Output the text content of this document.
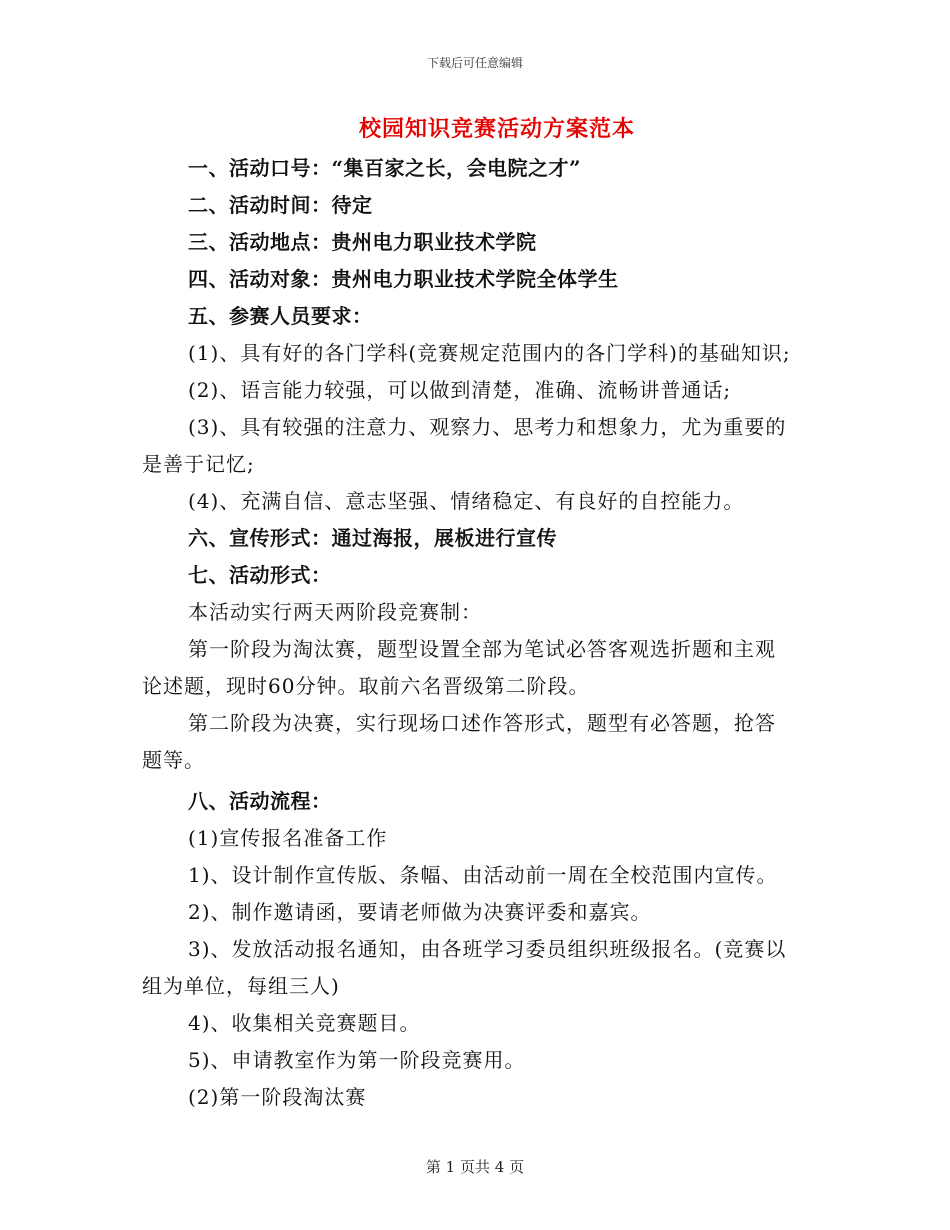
下载后可任意编辑
校园知识竞赛活动方案范本
一、活动口号：“集百家之长，会电院之才”
二、活动时间：待定
三、活动地点：贵州电力职业技术学院
四、活动对象：贵州电力职业技术学院全体学生
五、参赛人员要求：
(1)、具有好的各门学科(竞赛规定范围内的各门学科)的基础知识;
(2)、语言能力较强，可以做到清楚，准确、流畅讲普通话;
(3)、具有较强的注意力、观察力、思考力和想象力，尤为重要的
是善于记忆;
(4)、充满自信、意志坚强、情绪稳定、有良好的自控能力。
六、宣传形式：通过海报，展板进行宣传
七、活动形式：
本活动实行两天两阶段竞赛制：
第一阶段为淘汰赛，题型设置全部为笔试必答客观选折题和主观
论述题，现时60分钟。取前六名晋级第二阶段。
第二阶段为决赛，实行现场口述作答形式，题型有必答题，抢答
题等。
八、活动流程：
(1)宣传报名准备工作
1)、设计制作宣传版、条幅、由活动前一周在全校范围内宣传。
2)、制作邀请函，要请老师做为决赛评委和嘉宾。
3)、发放活动报名通知，由各班学习委员组织班级报名。(竞赛以
组为单位，每组三人)
4)、收集相关竞赛题目。
5)、申请教室作为第一阶段竞赛用。
(2)第一阶段淘汰赛
第 1 页共 4 页
